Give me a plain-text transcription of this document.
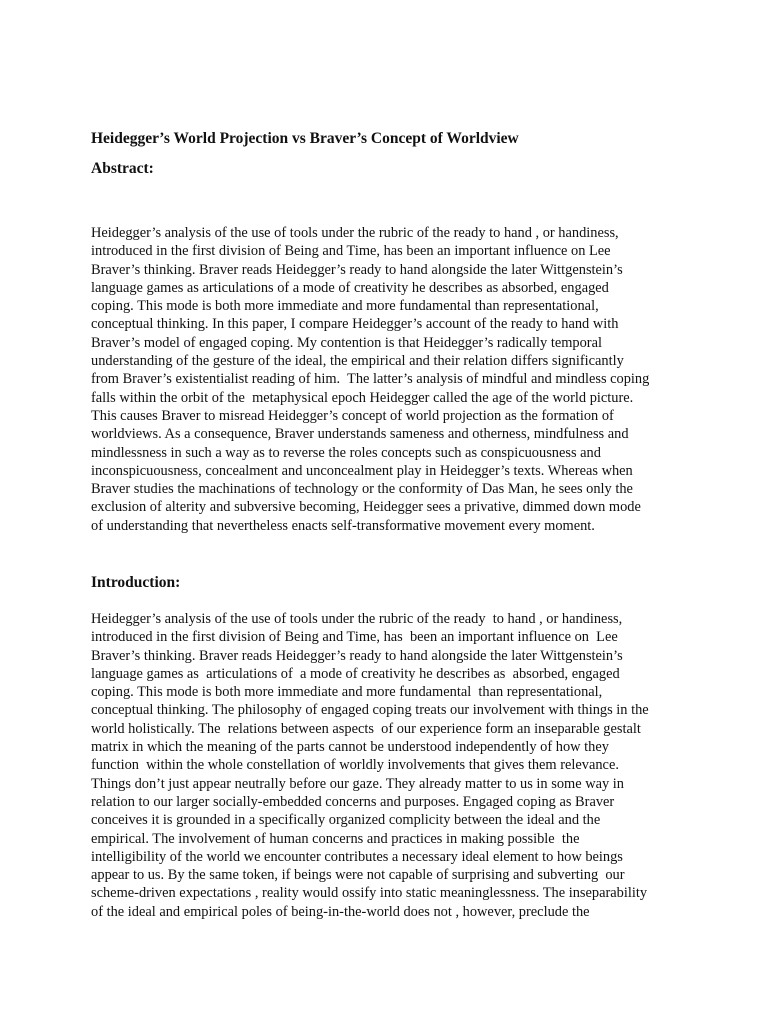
Heidegger’s World Projection vs Braver’s Concept of Worldview
Abstract:

Heidegger’s analysis of the use of tools under the rubric of the ready to hand , or handiness,
introduced in the first division of Being and Time, has been an important influence on Lee
Braver’s thinking. Braver reads Heidegger’s ready to hand alongside the later Wittgenstein’s
language games as articulations of a mode of creativity he describes as absorbed, engaged
coping. This mode is both more immediate and more fundamental than representational,
conceptual thinking. In this paper, I compare Heidegger’s account of the ready to hand with
Braver’s model of engaged coping. My contention is that Heidegger’s radically temporal
understanding of the gesture of the ideal, the empirical and their relation differs significantly
from Braver’s existentialist reading of him.  The latter’s analysis of mindful and mindless coping
falls within the orbit of the  metaphysical epoch Heidegger called the age of the world picture.
This causes Braver to misread Heidegger’s concept of world projection as the formation of
worldviews. As a consequence, Braver understands sameness and otherness, mindfulness and
mindlessness in such a way as to reverse the roles concepts such as conspicuousness and
inconspicuousness, concealment and unconcealment play in Heidegger’s texts. Whereas when
Braver studies the machinations of technology or the conformity of Das Man, he sees only the
exclusion of alterity and subversive becoming, Heidegger sees a privative, dimmed down mode
of understanding that nevertheless enacts self-transformative movement every moment.

Introduction:

Heidegger’s analysis of the use of tools under the rubric of the ready  to hand , or handiness,
introduced in the first division of Being and Time, has  been an important influence on  Lee
Braver’s thinking. Braver reads Heidegger’s ready to hand alongside the later Wittgenstein’s
language games as  articulations of  a mode of creativity he describes as  absorbed, engaged
coping. This mode is both more immediate and more fundamental  than representational,
conceptual thinking. The philosophy of engaged coping treats our involvement with things in the
world holistically. The  relations between aspects  of our experience form an inseparable gestalt
matrix in which the meaning of the parts cannot be understood independently of how they
function  within the whole constellation of worldly involvements that gives them relevance.
Things don’t just appear neutrally before our gaze. They already matter to us in some way in
relation to our larger socially-embedded concerns and purposes. Engaged coping as Braver
conceives it is grounded in a specifically organized complicity between the ideal and the
empirical. The involvement of human concerns and practices in making possible  the
intelligibility of the world we encounter contributes a necessary ideal element to how beings
appear to us. By the same token, if beings were not capable of surprising and subverting  our
scheme-driven expectations , reality would ossify into static meaninglessness. The inseparability
of the ideal and empirical poles of being-in-the-world does not , however, preclude the
